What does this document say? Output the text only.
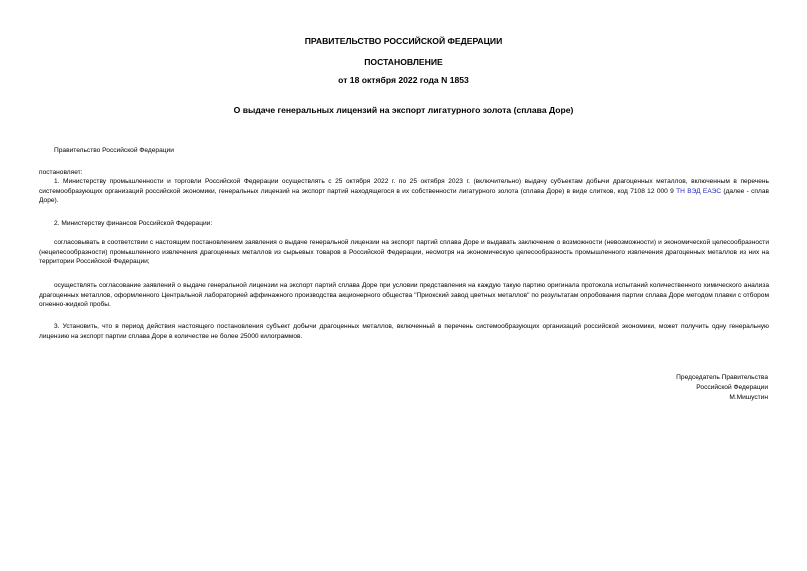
ПРАВИТЕЛЬСТВО РОССИЙСКОЙ ФЕДЕРАЦИИ
ПОСТАНОВЛЕНИЕ
от 18 октября 2022 года N 1853
О выдаче генеральных лицензий на экспорт лигатурного золота (сплава Доре)

Правительство Российской Федерации

постановляет:

1. Министерству промышленности и торговли Российской Федерации осуществлять с 25 октября 2022 г. по 25 октября 2023 г. (включительно) выдачу субъектам добычи драгоценных металлов, включенным в перечень системообразующих организаций российской экономики, генеральных лицензий на экспорт партий находящегося в их собственности лигатурного золота (сплава Доре) в виде слитков, код 7108 12 000 9 ТН ВЭД ЕАЭС (далее - сплав Доре).

2. Министерству финансов Российской Федерации:

согласовывать в соответствии с настоящим постановлением заявления о выдаче генеральной лицензии на экспорт партий сплава Доре и выдавать заключение о возможности (невозможности) и экономической целесообразности (нецелесообразности) промышленного извлечения драгоценных металлов из сырьевых товаров в Российской Федерации, несмотря на экономическую целесообразность промышленного извлечения драгоценных металлов из них на территории Российской Федерации;

осуществлять согласование заявлений о выдаче генеральной лицензии на экспорт партий сплава Доре при условии представления на каждую такую партию оригинала протокола испытаний количественного химического анализа драгоценных металлов, оформленного Центральной лабораторией аффинажного производства акционерного общества "Приокский завод цветных металлов" по результатам опробования партии сплава Доре методом плавки с отбором огненно-жидкой пробы.

3. Установить, что в период действия настоящего постановления субъект добычи драгоценных металлов, включенный в перечень системообразующих организаций российской экономики, может получить одну генеральную лицензию на экспорт партии сплава Доре в количестве не более 25000 килограммов.

Председатель Правительства
Российской Федерации
М.Мишустин
